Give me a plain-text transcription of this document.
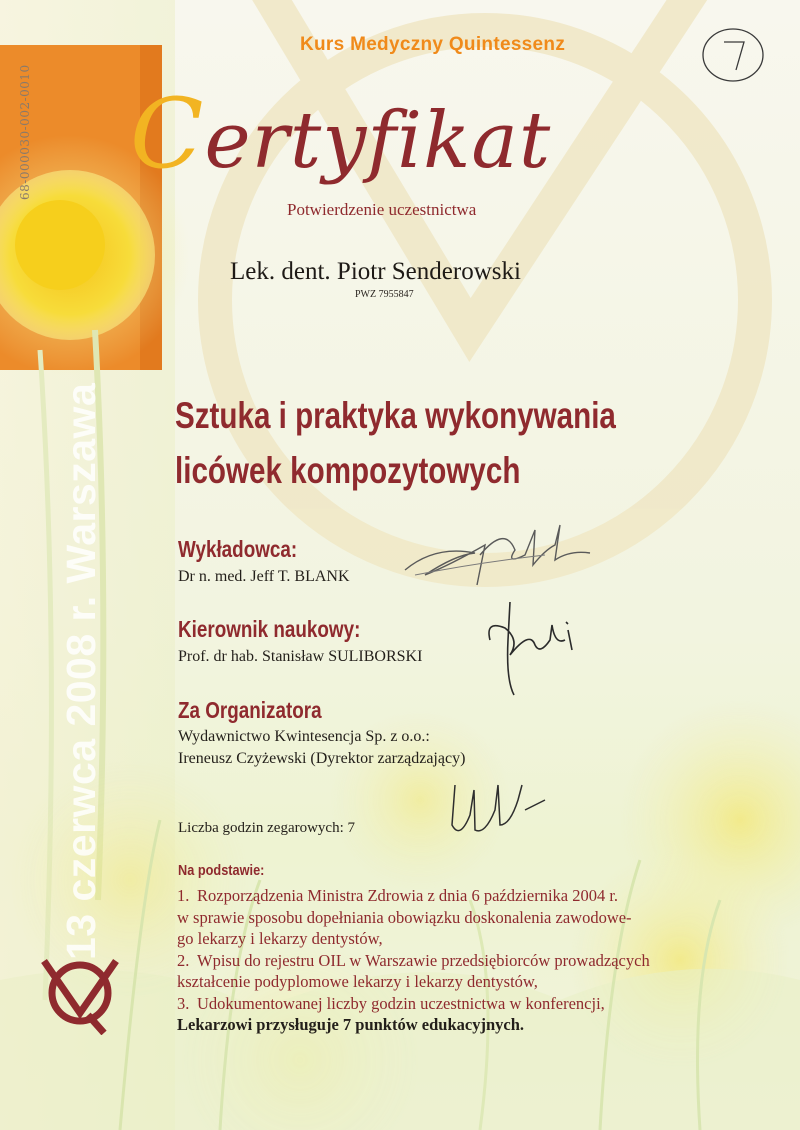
68-000030-002-0010
13 czerwca 2008 r. Warszawa
Kurs Medyczny Quintessenz
Certyfikat
Potwierdzenie uczestnictwa
Lek. dent. Piotr Senderowski
PWZ 7955847
Sztuka i praktyka wykonywania
licówek kompozytowych
Wykładowca:
Dr n. med. Jeff T. BLANK
Kierownik naukowy:
Prof. dr hab. Stanisław SULIBORSKI
Za Organizatora
Wydawnictwo Kwintesencja Sp. z o.o.:
Ireneusz Czyżewski (Dyrektor zarządzający)
Liczba godzin zegarowych: 7
Na podstawie:
1. Rozporządzenia Ministra Zdrowia z dnia 6 października 2004 r.
w sprawie sposobu dopełniania obowiązku doskonalenia zawodowe-
go lekarzy i lekarzy dentystów,
2. Wpisu do rejestru OIL w Warszawie przedsiębiorców prowadzących
kształcenie podyplomowe lekarzy i lekarzy dentystów,
3. Udokumentowanej liczby godzin uczestnictwa w konferencji,
Lekarzowi przysługuje 7 punktów edukacyjnych.
